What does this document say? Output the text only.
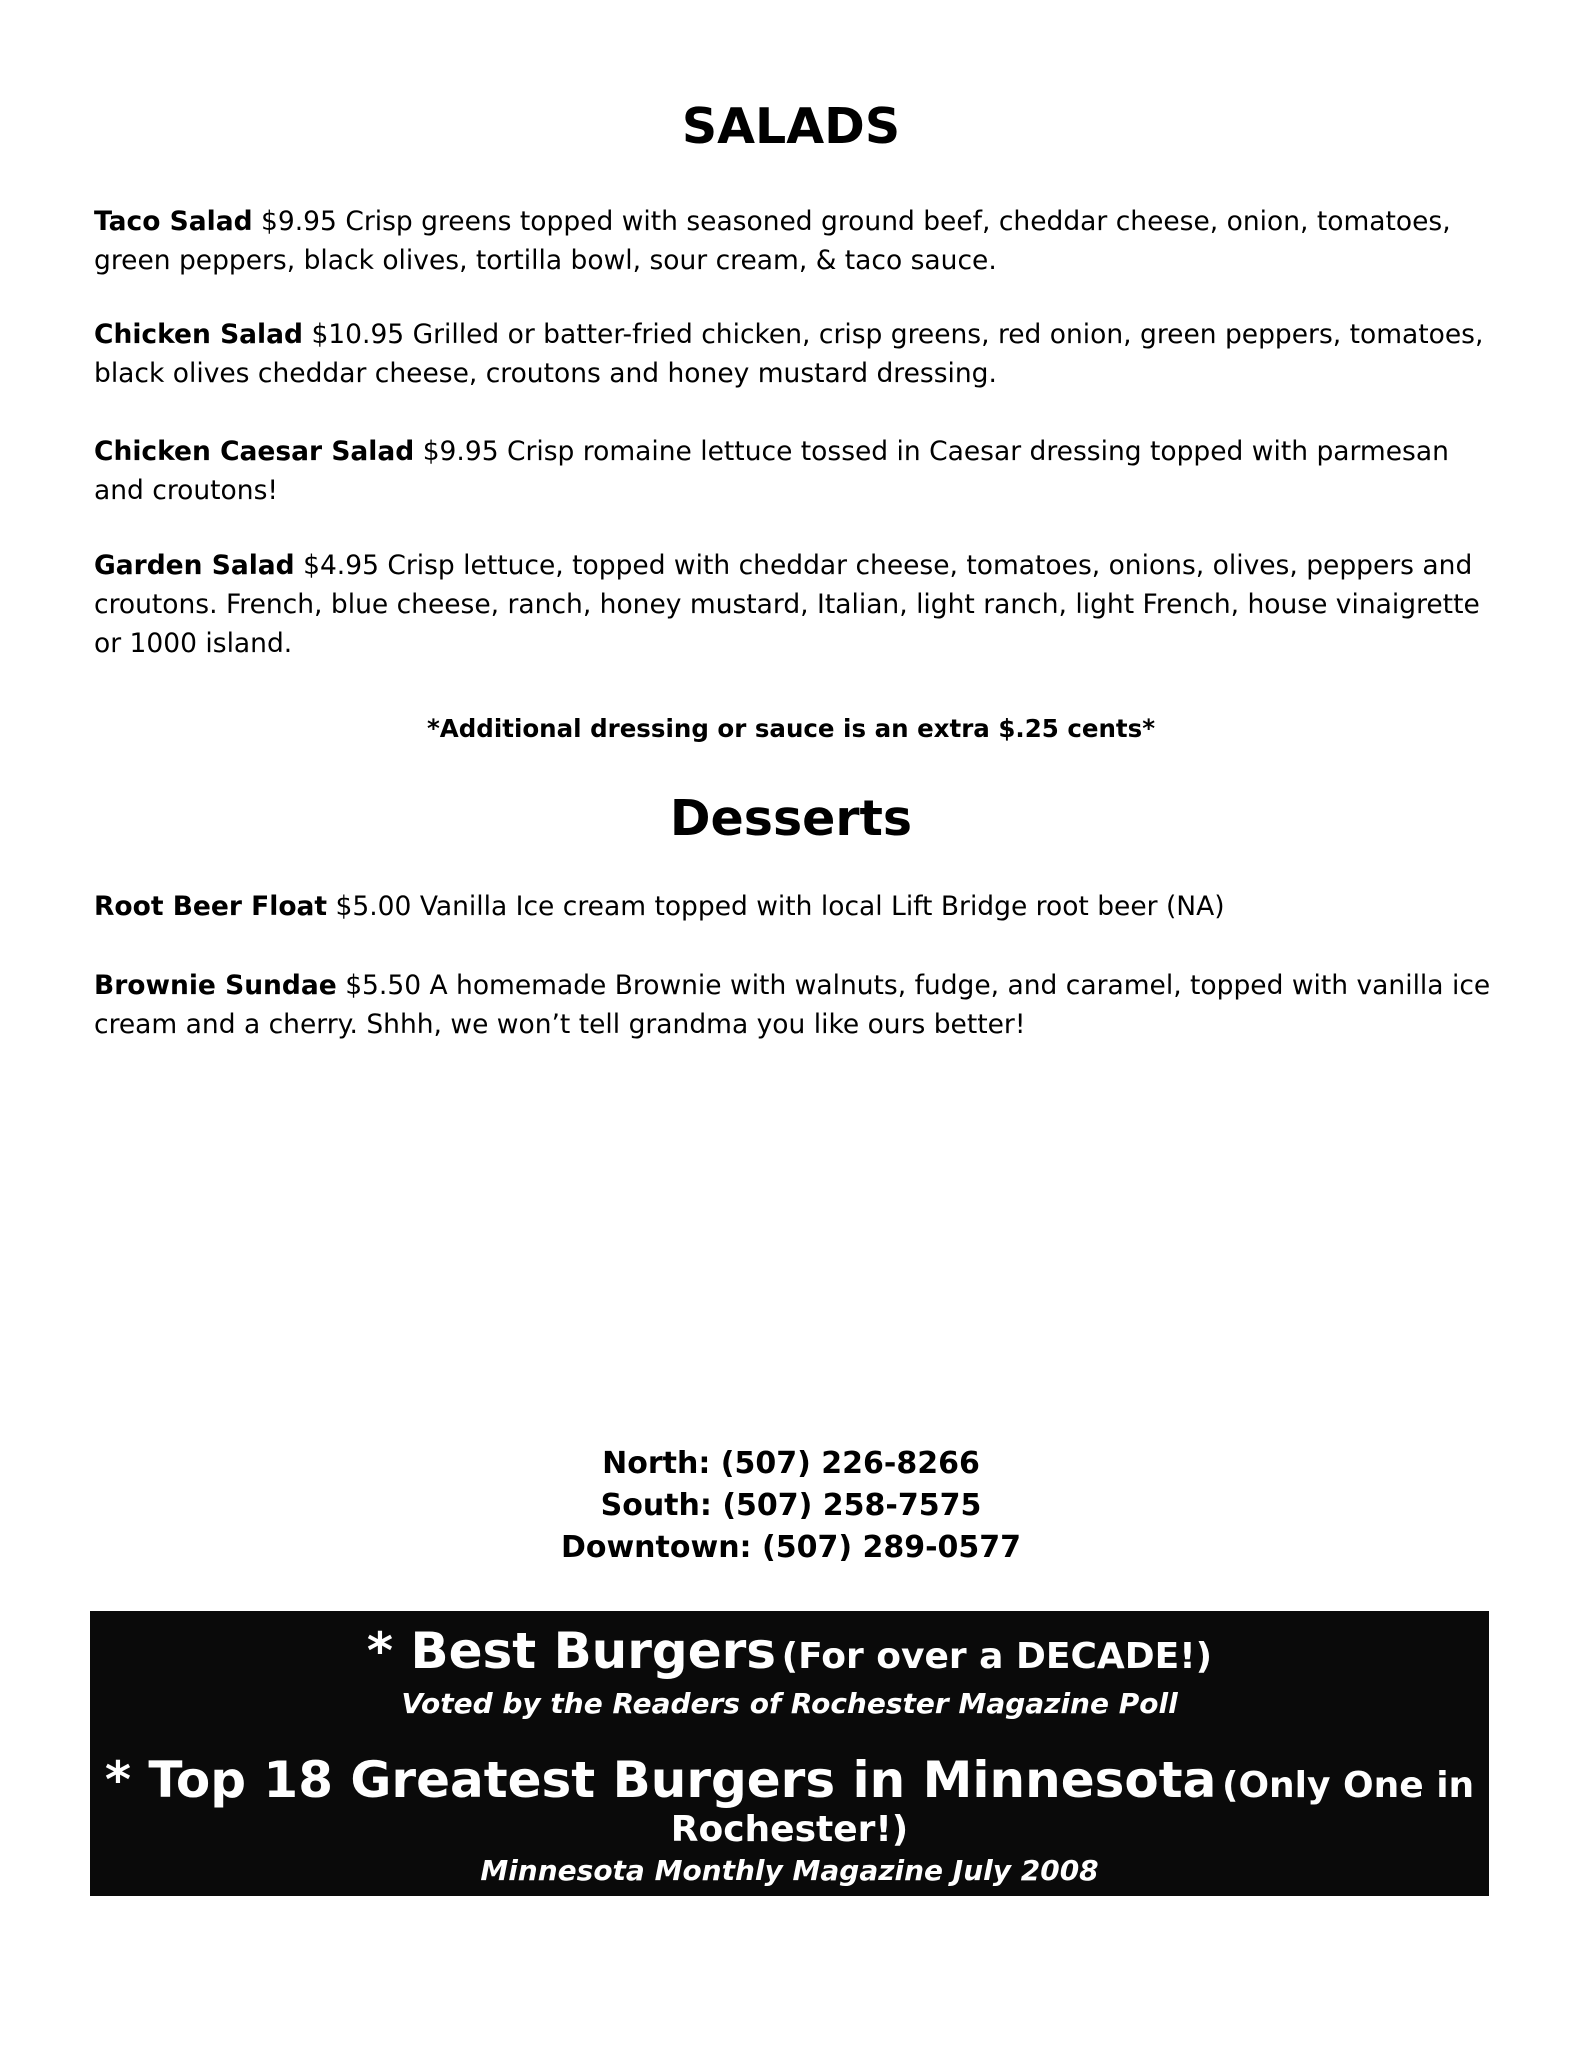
SALADS

Taco Salad $9.95 Crisp greens topped with seasoned ground beef, cheddar cheese, onion, tomatoes, green peppers, black olives, tortilla bowl, sour cream, & taco sauce.

Chicken Salad $10.95 Grilled or batter-fried chicken, crisp greens, red onion, green peppers, tomatoes, black olives cheddar cheese, croutons and honey mustard dressing.

Chicken Caesar Salad $9.95 Crisp romaine lettuce tossed in Caesar dressing topped with parmesan and croutons!

Garden Salad $4.95 Crisp lettuce, topped with cheddar cheese, tomatoes, onions, olives, peppers and croutons. French, blue cheese, ranch, honey mustard, Italian, light ranch, light French, house vinaigrette or 1000 island.

*Additional dressing or sauce is an extra $.25 cents*

Desserts

Root Beer Float $5.00 Vanilla Ice cream topped with local Lift Bridge root beer (NA)

Brownie Sundae $5.50 A homemade Brownie with walnuts, fudge, and caramel, topped with vanilla ice cream and a cherry. Shhh, we won’t tell grandma you like ours better!

North: (507) 226-8266
South: (507) 258-7575
Downtown: (507) 289-0577
* Best Burgers (For over a DECADE!)
Voted by the Readers of Rochester Magazine Poll
* Top 18 Greatest Burgers in Minnesota (Only One in Rochester!)
Minnesota Monthly Magazine July 2008
